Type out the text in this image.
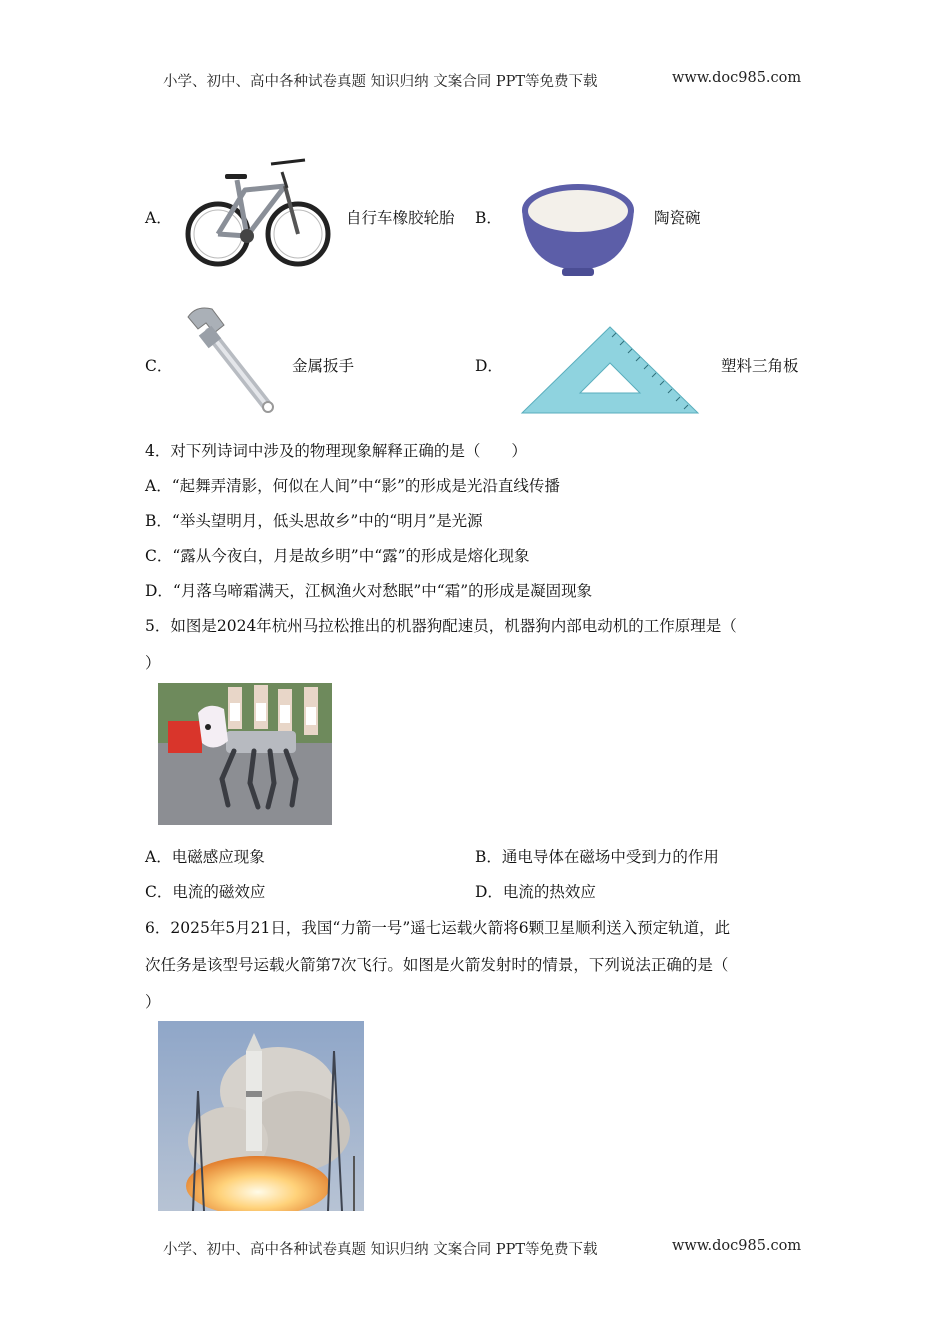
小学、初中、高中各种试卷真题 知识归纳 文案合同 PPT等免费下载	www.doc985.com
A．	自行车橡胶轮胎 B．	陶瓷碗
C．	金属扳手	D．	塑料三角板
4．对下列诗词中涉及的物理现象解释正确的是（　　）
A．“起舞弄清影，何似在人间”中“影”的形成是光沿直线传播
B．“举头望明月，低头思故乡”中的“明月”是光源
C．“露从今夜白，月是故乡明”中“露”的形成是熔化现象
D．“月落乌啼霜满天，江枫渔火对愁眠”中“霜”的形成是凝固现象
5．如图是2024年杭州马拉松推出的机器狗配速员，机器狗内部电动机的工作原理是（
）
A．电磁感应现象	B．通电导体在磁场中受到力的作用
C．电流的磁效应	D．电流的热效应
6．2025年5月21日，我国“力箭一号”遥七运载火箭将6颗卫星顺利送入预定轨道，此
次任务是该型号运载火箭第7次飞行。如图是火箭发射时的情景，下列说法正确的是（
）
小学、初中、高中各种试卷真题 知识归纳 文案合同 PPT等免费下载	www.doc985.com
